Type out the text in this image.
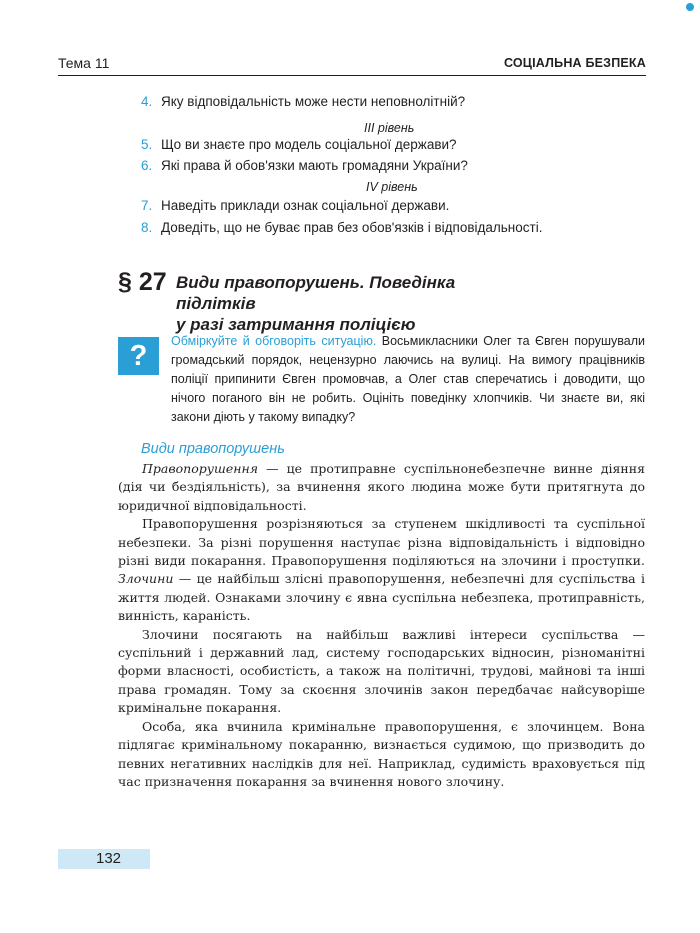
Тема 11	СОЦІАЛЬНА БЕЗПЕКА
4. Яку відповідальність може нести неповнолітній?
ІІІ рівень
5. Що ви знаєте про модель соціальної держави?
6. Які права й обов'язки мають громадяни України?
ІV рівень
7. Наведіть приклади ознак соціальної держави.
8. Доведіть, що не буває прав без обов'язків і відповідальності.
§ 27 Види правопорушень. Поведінка підлітків
у разі затримання поліцією
?	Обміркуйте й обговоріть ситуацію. Восьмикласники Олег та Євген порушували громадський порядок, нецензурно лаючись на вулиці. На вимогу працівників поліції припинити Євген промовчав, а Олег став сперечатись і доводити, що нічого поганого він не робить. Оцініть поведінку хлопчиків. Чи знаєте ви, які закони діють у такому випадку?
Види правопорушень

Правопорушення — це протиправне суспільнонебезпечне винне діяння (дія чи бездіяльність), за вчинення якого людина може бути притягнута до юридичної відповідальності.

Правопорушення розрізняються за ступенем шкідливості та суспільної небезпеки. За різні порушення наступає різна відповідальність і відповідно різні види покарання. Правопорушення поділяються на злочини і проступки. Злочини — це найбільш злісні правопорушення, небезпечні для суспільства і життя людей. Ознаками злочину є явна суспільна небезпека, протиправність, винність, караність.

Злочини посягають на найбільш важливі інтереси суспільства — суспільний і державний лад, систему господарських відносин, різноманітні форми власності, особистість, а також на політичні, трудові, майнові та інші права громадян. Тому за скоєння злочинів закон передбачає найсуворіше кримінальне покарання.

Особа, яка вчинила кримінальне правопорушення, є злочинцем. Вона підлягає кримінальному покаранню, визнається судимою, що призводить до певних негативних наслідків для неї. Наприклад, судимість враховується під час призначення покарання за вчинення нового злочину.

132
